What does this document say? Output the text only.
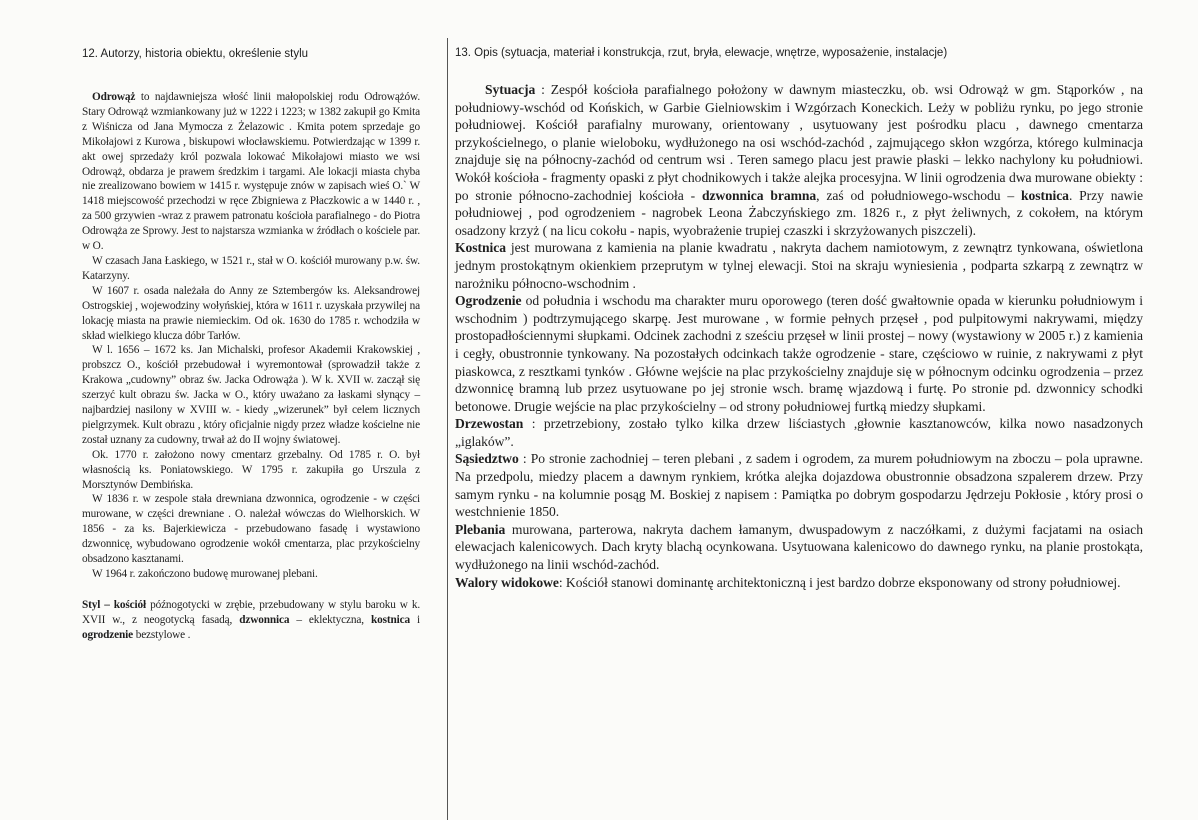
12. Autorzy, historia obiektu, określenie stylu

Odrowąż to najdawniejsza włość linii małopolskiej rodu Odrowążów. Stary Odrowąż wzmiankowany już w 1222 i 1223; w 1382 zakupił go Kmita z Wiśnicza od Jana Mymocza z Żelazowic . Kmita potem sprzedaje go Mikołajowi z Kurowa , biskupowi włocławskiemu. Potwierdzając w 1399 r. akt owej sprzedaży król pozwala lokować Mikołajowi miasto we wsi Odrowąż, obdarza je prawem średzkim i targami. Ale lokacji miasta chyba nie zrealizowano bowiem w 1415 r. występuje znów w zapisach wieś O.` W 1418 miejscowość przechodzi w ręce Zbigniewa z Płaczkowic a w 1440 r. , za 500 grzywien -wraz z prawem patronatu kościoła parafialnego - do Piotra Odrowąża ze Sprowy. Jest to najstarsza wzmianka w źródłach o kościele par. w O.

W czasach Jana Łaskiego, w 1521 r., stał w O. kościół murowany p.w. św. Katarzyny.

W 1607 r. osada należała do Anny ze Sztembergów ks. Aleksandrowej Ostrogskiej , wojewodziny wołyńskiej, która w 1611 r. uzyskała przywilej na lokację miasta na prawie niemieckim. Od ok. 1630 do 1785 r. wchodziła w skład wielkiego klucza dóbr Tarłów.

W l. 1656 – 1672 ks. Jan Michalski, profesor Akademii Krakowskiej , probszcz O., kościół przebudował i wyremontował (sprowadził także z Krakowa „cudowny” obraz św. Jacka Odrowąża ). W k. XVII w. zaczął się szerzyć kult obrazu św. Jacka w O., który uważano za łaskami słynący – najbardziej nasilony w XVIII w. - kiedy „wizerunek” był celem licznych pielgrzymek. Kult obrazu , który oficjalnie nigdy przez władze kościelne nie został uznany za cudowny, trwał aż do II wojny światowej.

Ok. 1770 r. założono nowy cmentarz grzebalny. Od 1785 r. O. był własnością ks. Poniatowskiego. W 1795 r. zakupiła go Urszula z Morsztynów Dembińska.

W 1836 r. w zespole stała drewniana dzwonnica, ogrodzenie - w części murowane, w części drewniane . O. należał wówczas do Wielhorskich. W 1856 - za ks. Bajerkiewicza - przebudowano fasadę i wystawiono dzwonnicę, wybudowano ogrodzenie wokół cmentarza, plac przykościelny obsadzono kasztanami.

W 1964 r. zakończono budowę murowanej plebani.

Styl – kościół późnogotycki w zrębie, przebudowany w stylu baroku w k. XVII w., z neogotycką fasadą, dzwonnica – eklektyczna, kostnica i ogrodzenie bezstylowe .

13. Opis (sytuacja, materiał i konstrukcja, rzut, bryła, elewacje, wnętrze, wyposażenie, instalacje)

Sytuacja : Zespół kościoła parafialnego położony w dawnym miasteczku, ob. wsi Odrowąż w gm. Stąporków , na południowy-wschód od Końskich, w Garbie Gielniowskim i Wzgórzach Koneckich. Leży w pobliżu rynku, po jego stronie południowej. Kościół parafialny murowany, orientowany , usytuowany jest pośrodku placu , dawnego cmentarza przykościelnego, o planie wieloboku, wydłużonego na osi wschód-zachód , zajmującego skłon wzgórza, którego kulminacja znajduje się na północny-zachód od centrum wsi . Teren samego placu jest prawie płaski – lekko nachylony ku południowi. Wokół kościoła - fragmenty opaski z płyt chodnikowych i także alejka procesyjna. W linii ogrodzenia dwa murowane obiekty : po stronie północno-zachodniej kościoła - dzwonnica bramna, zaś od południowego-wschodu – kostnica. Przy nawie południowej , pod ogrodzeniem - nagrobek Leona Żabczyńskiego zm. 1826 r., z płyt żeliwnych, z cokołem, na którym osadzony krzyż ( na licu cokołu - napis, wyobrażenie trupiej czaszki i skrzyżowanych piszczeli).

Kostnica jest murowana z kamienia na planie kwadratu , nakryta dachem namiotowym, z zewnątrz tynkowana, oświetlona jednym prostokątnym okienkiem przeprutym w tylnej elewacji. Stoi na skraju wyniesienia , podparta szkarpą z zewnątrz w narożniku północno-wschodnim .

Ogrodzenie od południa i wschodu ma charakter muru oporowego (teren dość gwałtownie opada w kierunku południowym i wschodnim ) podtrzymującego skarpę. Jest murowane , w formie pełnych przęseł , pod pulpitowymi nakrywami, między prostopadłościennymi słupkami. Odcinek zachodni z sześciu przęseł w linii prostej – nowy (wystawiony w 2005 r.) z kamienia i cegły, obustronnie tynkowany. Na pozostałych odcinkach także ogrodzenie - stare, częściowo w ruinie, z nakrywami z płyt piaskowca, z resztkami tynków . Główne wejście na plac przykościelny znajduje się w północnym odcinku ogrodzenia – przez dzwonnicę bramną lub przez usytuowane po jej stronie wsch. bramę wjazdową i furtę. Po stronie pd. dzwonnicy schodki betonowe. Drugie wejście na plac przykościelny – od strony południowej furtką miedzy słupkami.

Drzewostan : przetrzebiony, zostało tylko kilka drzew liściastych ,głownie kasztanowców, kilka nowo nasadzonych „iglaków”.

Sąsiedztwo : Po stronie zachodniej – teren plebani , z sadem i ogrodem, za murem południowym na zboczu – pola uprawne. Na przedpolu, miedzy placem a dawnym rynkiem, krótka alejka dojazdowa obustronnie obsadzona szpalerem drzew. Przy samym rynku - na kolumnie posąg M. Boskiej z napisem : Pamiątka po dobrym gospodarzu Jędrzeju Pokłosie , który prosi o westchnienie 1850.

Plebania murowana, parterowa, nakryta dachem łamanym, dwuspadowym z naczółkami, z dużymi facjatami na osiach elewacjach kalenicowych. Dach kryty blachą ocynkowana. Usytuowana kalenicowo do dawnego rynku, na planie prostokąta, wydłużonego na linii wschód-zachód.

Walory widokowe: Kościół stanowi dominantę architektoniczną i jest bardzo dobrze eksponowany od strony południowej.
